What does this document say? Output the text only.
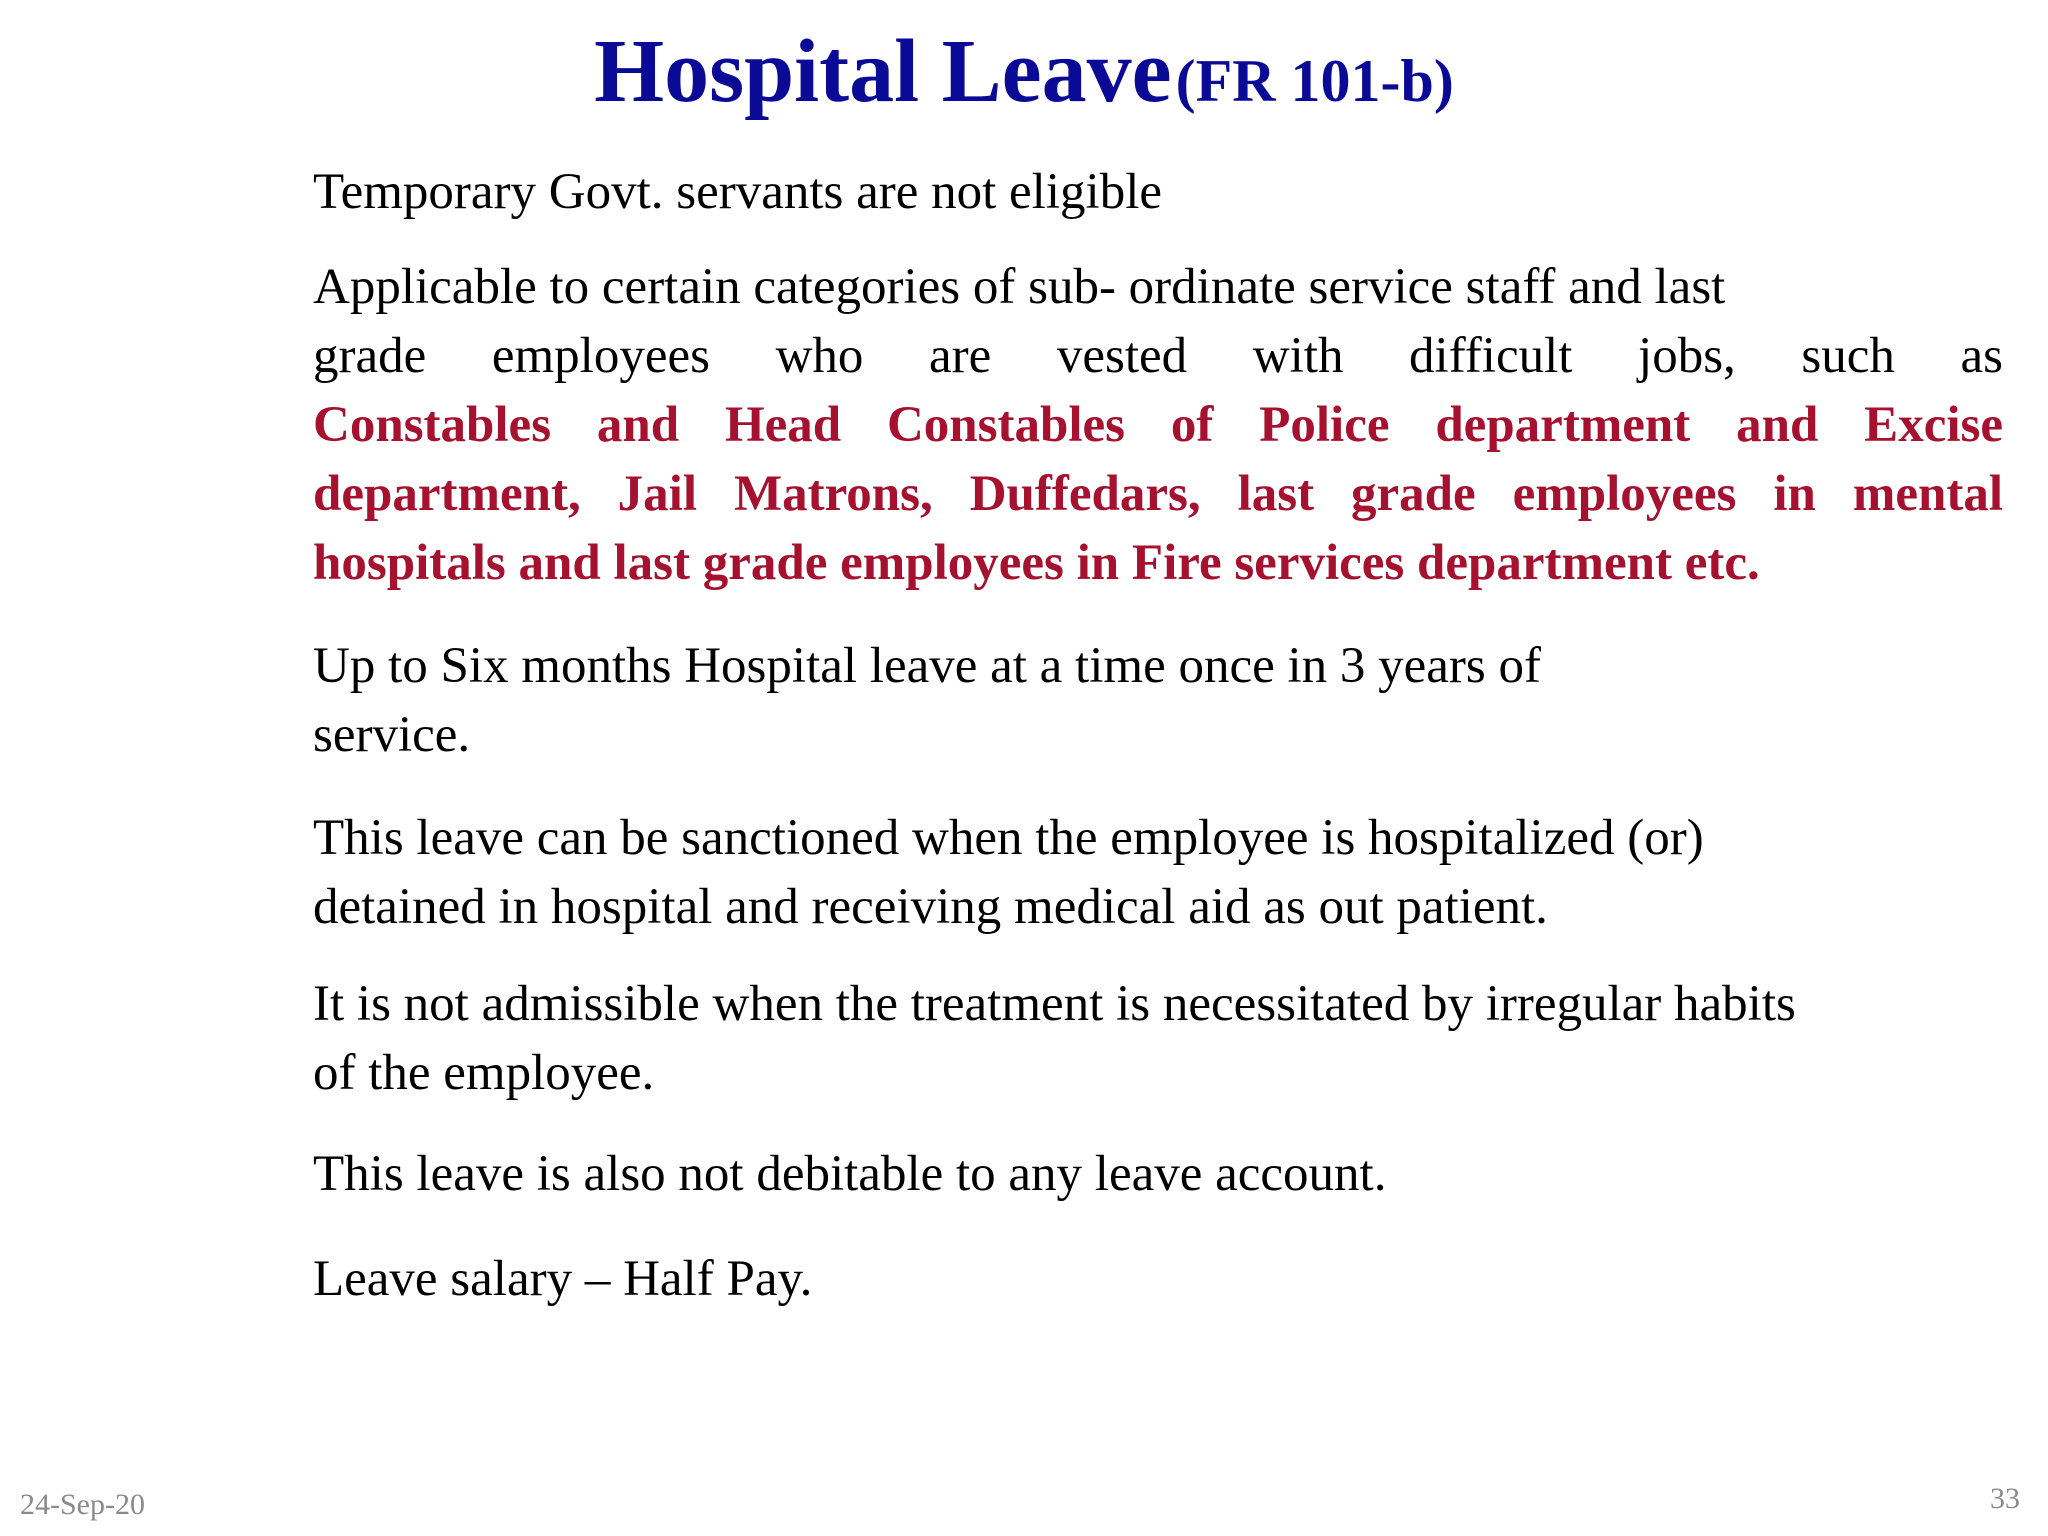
Hospital Leave (FR 101-b)
Temporary Govt. servants are not eligible
Applicable to certain categories of sub- ordinate service staff and last
grade employees who are vested with difficult jobs, such as
Constables and Head Constables of Police department and Excise
department, Jail Matrons, Duffedars, last grade employees in mental
hospitals and last grade employees in Fire services department etc.
Up to Six months Hospital leave at a time once in 3 years of
service.
This leave can be sanctioned when the employee is hospitalized (or)
detained in hospital and receiving medical aid as out patient.
It is not admissible when the treatment is necessitated by irregular habits
of the employee.
This leave is also not debitable to any leave account.
Leave salary – Half Pay.
24-Sep-20	33
